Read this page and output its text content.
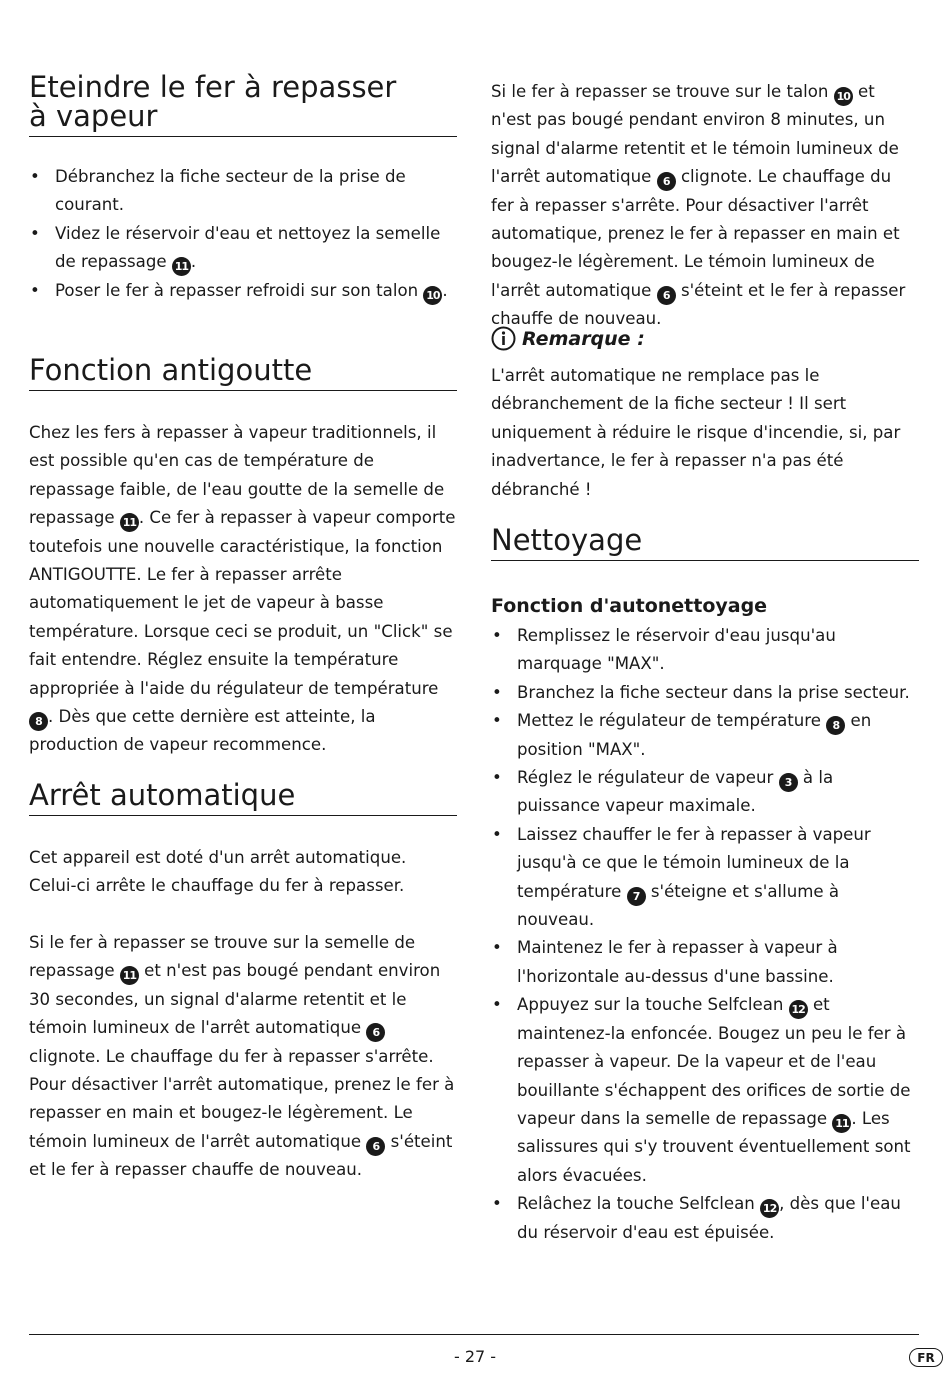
Eteindre le fer à repasser
à vapeur
• Débranchez la fiche secteur de la prise de courant.
• Videz le réservoir d'eau et nettoyez la semelle de repassage 11 .
• Poser le fer à repasser refroidi sur son talon 10 .
Fonction antigoutte

Chez les fers à repasser à vapeur traditionnels, il est possible qu'en cas de température de repassage faible, de l'eau goutte de la semelle de repassage 11 . Ce fer à repasser à vapeur comporte toutefois une nouvelle caractéristique, la fonction ANTIGOUTTE. Le fer à repasser arrête automatiquement le jet de vapeur à basse température. Lorsque ceci se produit, un "Click" se fait entendre. Réglez ensuite la température appropriée à l'aide du régulateur de température 8 . Dès que cette dernière est atteinte, la production de vapeur recommence.

Arrêt automatique

Cet appareil est doté d'un arrêt automatique. Celui-ci arrête le chauffage du fer à repasser.

Si le fer à repasser se trouve sur la semelle de repassage 11 et n'est pas bougé pendant environ 30 secondes, un signal d'alarme retentit et le témoin lumineux de l'arrêt automatique 6 clignote. Le chauffage du fer à repasser s'arrête. Pour désactiver l'arrêt automatique, prenez le fer à repasser en main et bougez-le légèrement. Le témoin lumineux de l'arrêt automatique 6 s'éteint et le fer à repasser chauffe de nouveau.

Si le fer à repasser se trouve sur le talon 10 et n'est pas bougé pendant environ 8 minutes, un signal d'alarme retentit et le témoin lumineux de l'arrêt automatique 6 clignote. Le chauffage du fer à repasser s'arrête. Pour désactiver l'arrêt automatique, prenez le fer à repasser en main et bougez-le légèrement. Le témoin lumineux de l'arrêt automatique 6 s'éteint et le fer à repasser chauffe de nouveau.

Remarque :

L'arrêt automatique ne remplace pas le débranchement de la fiche secteur ! Il sert uniquement à réduire le risque d'incendie, si, par inadvertance, le fer à repasser n'a pas été débranché !

Nettoyage
Fonction d'autonettoyage
• Remplissez le réservoir d'eau jusqu'au marquage "MAX".
• Branchez la fiche secteur dans la prise secteur.
• Mettez le régulateur de température 8 en position "MAX".
• Réglez le régulateur de vapeur 3 à la puissance vapeur maximale.
• Laissez chauffer le fer à repasser à vapeur jusqu'à ce que le témoin lumineux de la température 7 s'éteigne et s'allume à nouveau.
• Maintenez le fer à repasser à vapeur à l'horizontale au-dessus d'une bassine.
• Appuyez sur la touche Selfclean 12 et maintenez-la enfoncée. Bougez un peu le fer à repasser à vapeur. De la vapeur et de l'eau bouillante s'échappent des orifices de sortie de vapeur dans la semelle de repassage 11 . Les salissures qui s'y trouvent éventuellement sont alors évacuées.
• Relâchez la touche Selfclean 12 , dès que l'eau du réservoir d'eau est épuisée.
- 27 -	FR
